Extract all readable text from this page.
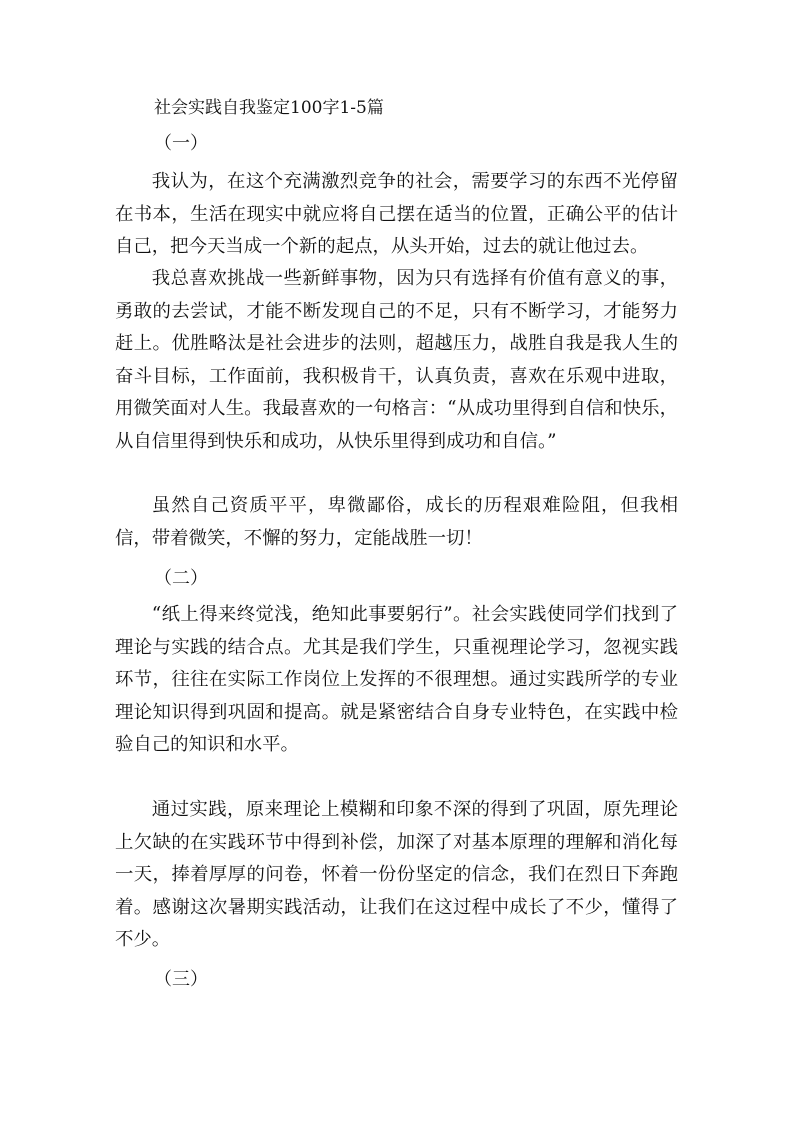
社会实践自我鉴定100字1-5篇
（一）

我认为，在这个充满激烈竞争的社会，需要学习的东西不光停留在书本，生活在现实中就应将自己摆在适当的位置，正确公平的估计自己，把今天当成一个新的起点，从头开始，过去的就让他过去。

我总喜欢挑战一些新鲜事物，因为只有选择有价值有意义的事，勇敢的去尝试，才能不断发现自己的不足，只有不断学习，才能努力赶上。优胜略汰是社会进步的法则，超越压力，战胜自我是我人生的奋斗目标，工作面前，我积极肯干，认真负责，喜欢在乐观中进取，用微笑面对人生。我最喜欢的一句格言：“从成功里得到自信和快乐，从自信里得到快乐和成功，从快乐里得到成功和自信。”

虽然自己资质平平，卑微鄙俗，成长的历程艰难险阻，但我相信，带着微笑，不懈的努力，定能战胜一切！

（二）

“纸上得来终觉浅，绝知此事要躬行”。社会实践使同学们找到了理论与实践的结合点。尤其是我们学生，只重视理论学习，忽视实践环节，往往在实际工作岗位上发挥的不很理想。通过实践所学的专业理论知识得到巩固和提高。就是紧密结合自身专业特色，在实践中检验自己的知识和水平。

通过实践，原来理论上模糊和印象不深的得到了巩固，原先理论上欠缺的在实践环节中得到补偿，加深了对基本原理的理解和消化每一天，捧着厚厚的问卷，怀着一份份坚定的信念，我们在烈日下奔跑着。感谢这次暑期实践活动，让我们在这过程中成长了不少，懂得了不少。

（三）
